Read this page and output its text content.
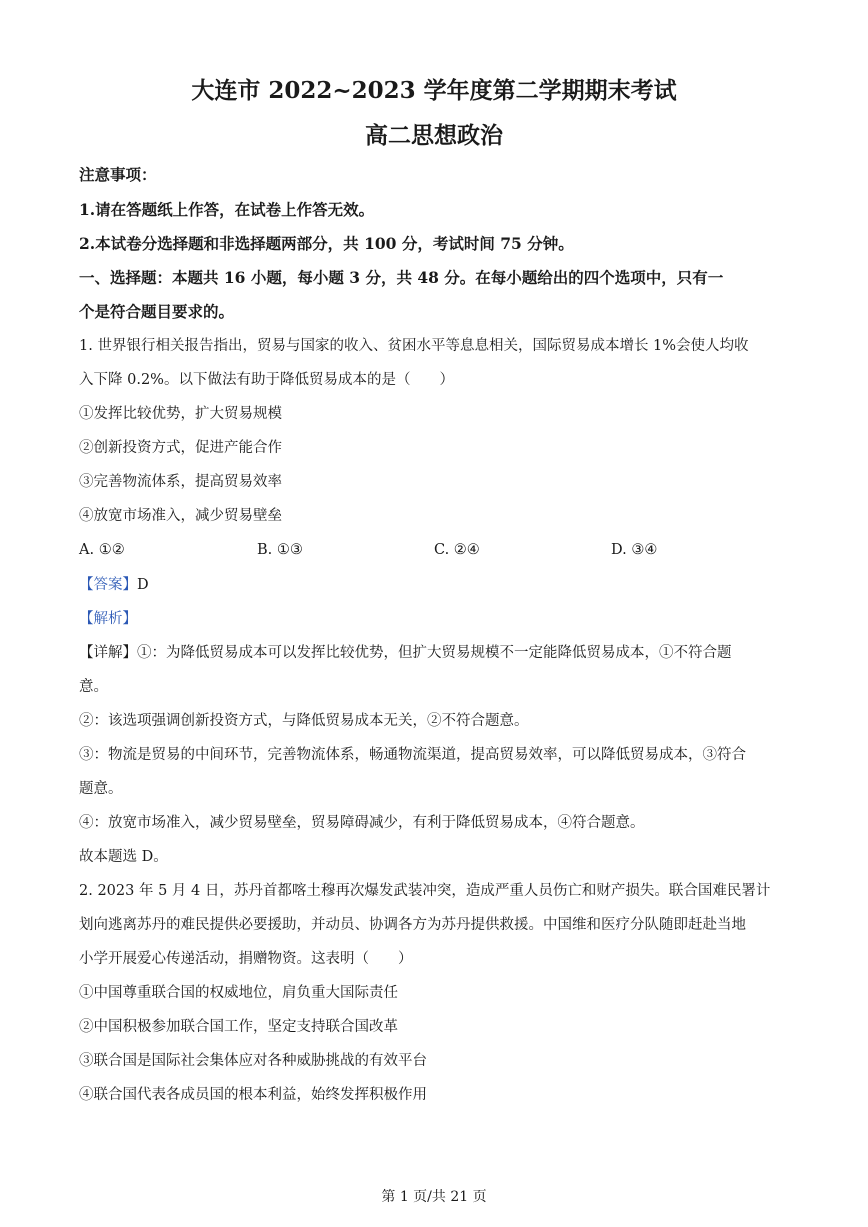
大连市 2022~2023 学年度第二学期期末考试
高二思想政治
注意事项：
1.请在答题纸上作答，在试卷上作答无效。
2.本试卷分选择题和非选择题两部分，共 100 分，考试时间 75 分钟。
一、选择题：本题共 16 小题，每小题 3 分，共 48 分。在每小题给出的四个选项中，只有一
个是符合题目要求的。
1. 世界银行相关报告指出，贸易与国家的收入、贫困水平等息息相关，国际贸易成本增长 1%会使人均收
入下降 0.2%。以下做法有助于降低贸易成本的是（　　）
①发挥比较优势，扩大贸易规模
②创新投资方式，促进产能合作
③完善物流体系，提高贸易效率
④放宽市场准入，减少贸易壁垒
A. ①②	B. ①③	C. ②④	D. ③④
【答案】D
【解析】
【详解】①：为降低贸易成本可以发挥比较优势，但扩大贸易规模不一定能降低贸易成本，①不符合题
意。
②：该选项强调创新投资方式，与降低贸易成本无关，②不符合题意。
③：物流是贸易的中间环节，完善物流体系，畅通物流渠道，提高贸易效率，可以降低贸易成本，③符合
题意。
④：放宽市场准入，减少贸易壁垒，贸易障碍减少，有利于降低贸易成本，④符合题意。
故本题选 D。
2. 2023 年 5 月 4 日，苏丹首都喀土穆再次爆发武装冲突，造成严重人员伤亡和财产损失。联合国难民署计
划向逃离苏丹的难民提供必要援助，并动员、协调各方为苏丹提供救援。中国维和医疗分队随即赶赴当地
小学开展爱心传递活动，捐赠物资。这表明（　　）
①中国尊重联合国的权威地位，肩负重大国际责任
②中国积极参加联合国工作，坚定支持联合国改革
③联合国是国际社会集体应对各种威胁挑战的有效平台
④联合国代表各成员国的根本利益，始终发挥积极作用
第 1 页/共 21 页
